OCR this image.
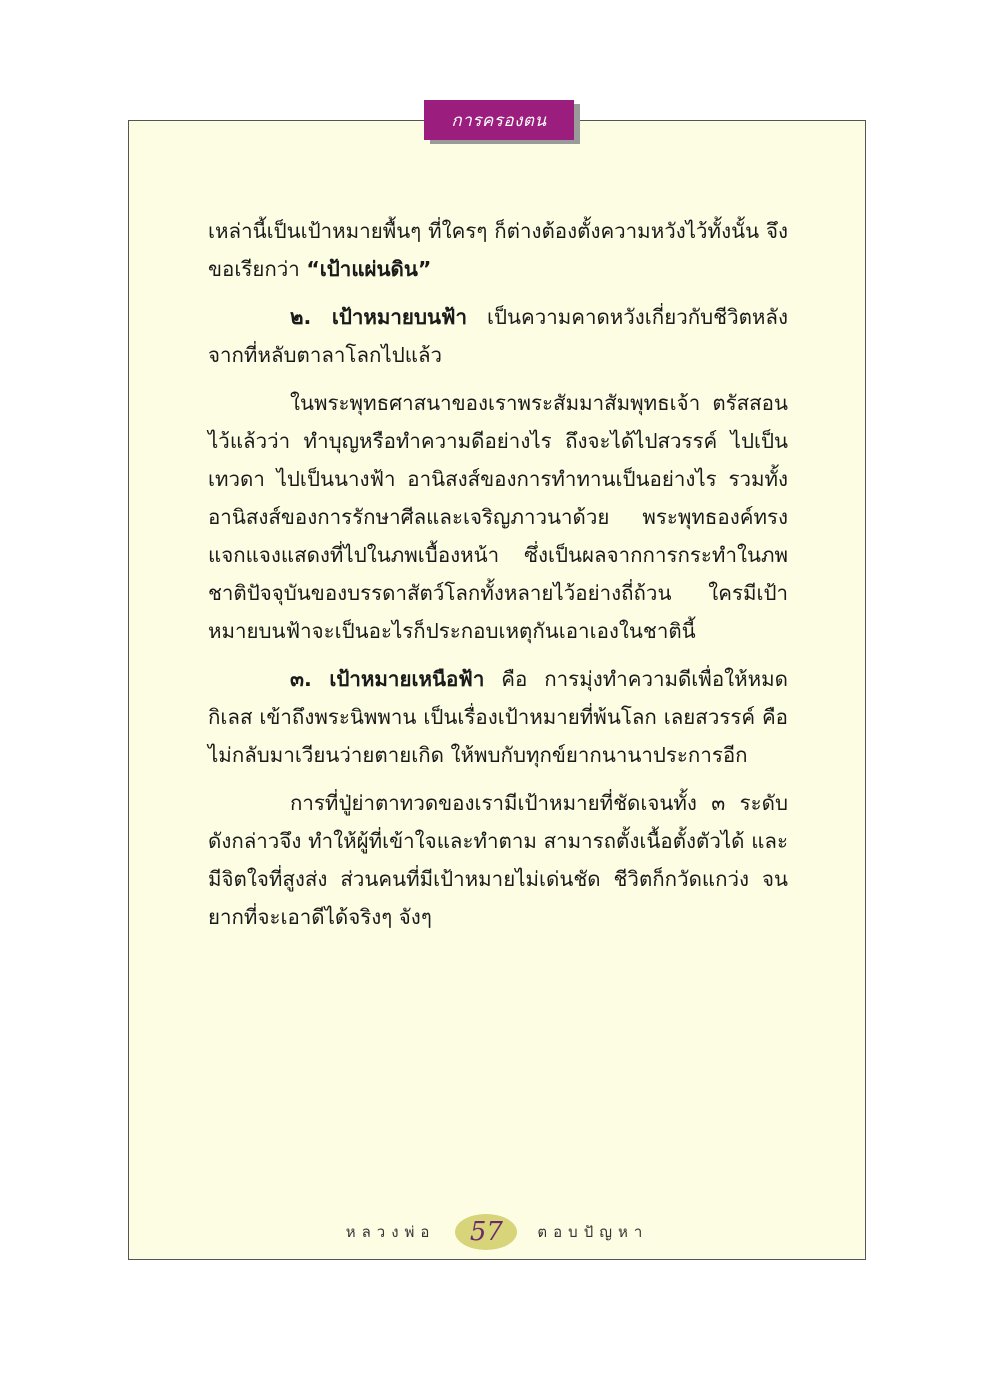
การครองตน

เหล่านี้เป็นเป้าหมายพื้นๆ ที่ใครๆ ก็ต่างต้องตั้งความหวังไว้ทั้งนั้น จึงขอเรียกว่า “เป้าแผ่นดิน”

๒. เป้าหมายบนฟ้า เป็นความคาดหวังเกี่ยวกับชีวิตหลังจากที่หลับตาลาโลกไปแล้ว

ในพระพุทธศาสนาของเราพระสัมมาสัมพุทธเจ้า ตรัสสอนไว้แล้วว่า ทำบุญหรือทำความดีอย่างไร ถึงจะได้ไปสวรรค์ ไปเป็นเทวดา ไปเป็นนางฟ้า อานิสงส์ของการทำทานเป็นอย่างไร รวมทั้งอานิสงส์ของการรักษาศีลและเจริญภาวนาด้วย พระพุทธองค์ทรงแจกแจงแสดงที่ไปในภพเบื้องหน้า ซึ่งเป็นผลจากการกระทำในภพชาติปัจจุบันของบรรดาสัตว์โลกทั้งหลายไว้อย่างถี่ถ้วน ใครมีเป้าหมายบนฟ้าจะเป็นอะไรก็ประกอบเหตุกันเอาเองในชาตินี้

๓. เป้าหมายเหนือฟ้า คือ การมุ่งทำความดีเพื่อให้หมดกิเลส เข้าถึงพระนิพพาน เป็นเรื่องเป้าหมายที่พ้นโลก เลยสวรรค์ คือไม่กลับมาเวียนว่ายตายเกิด ให้พบกับทุกข์ยากนานาประการอีก

การที่ปู่ย่าตาทวดของเรามีเป้าหมายที่ชัดเจนทั้ง ๓ ระดับ ดังกล่าวจึง ทำให้ผู้ที่เข้าใจและทำตาม สามารถตั้งเนื้อตั้งตัวได้ และมีจิตใจที่สูงส่ง ส่วนคนที่มีเป้าหมายไม่เด่นชัด ชีวิตก็กวัดแกว่ง จนยากที่จะเอาดีได้จริงๆ จังๆ

หลวงพ่อ 57 ตอบปัญหา
